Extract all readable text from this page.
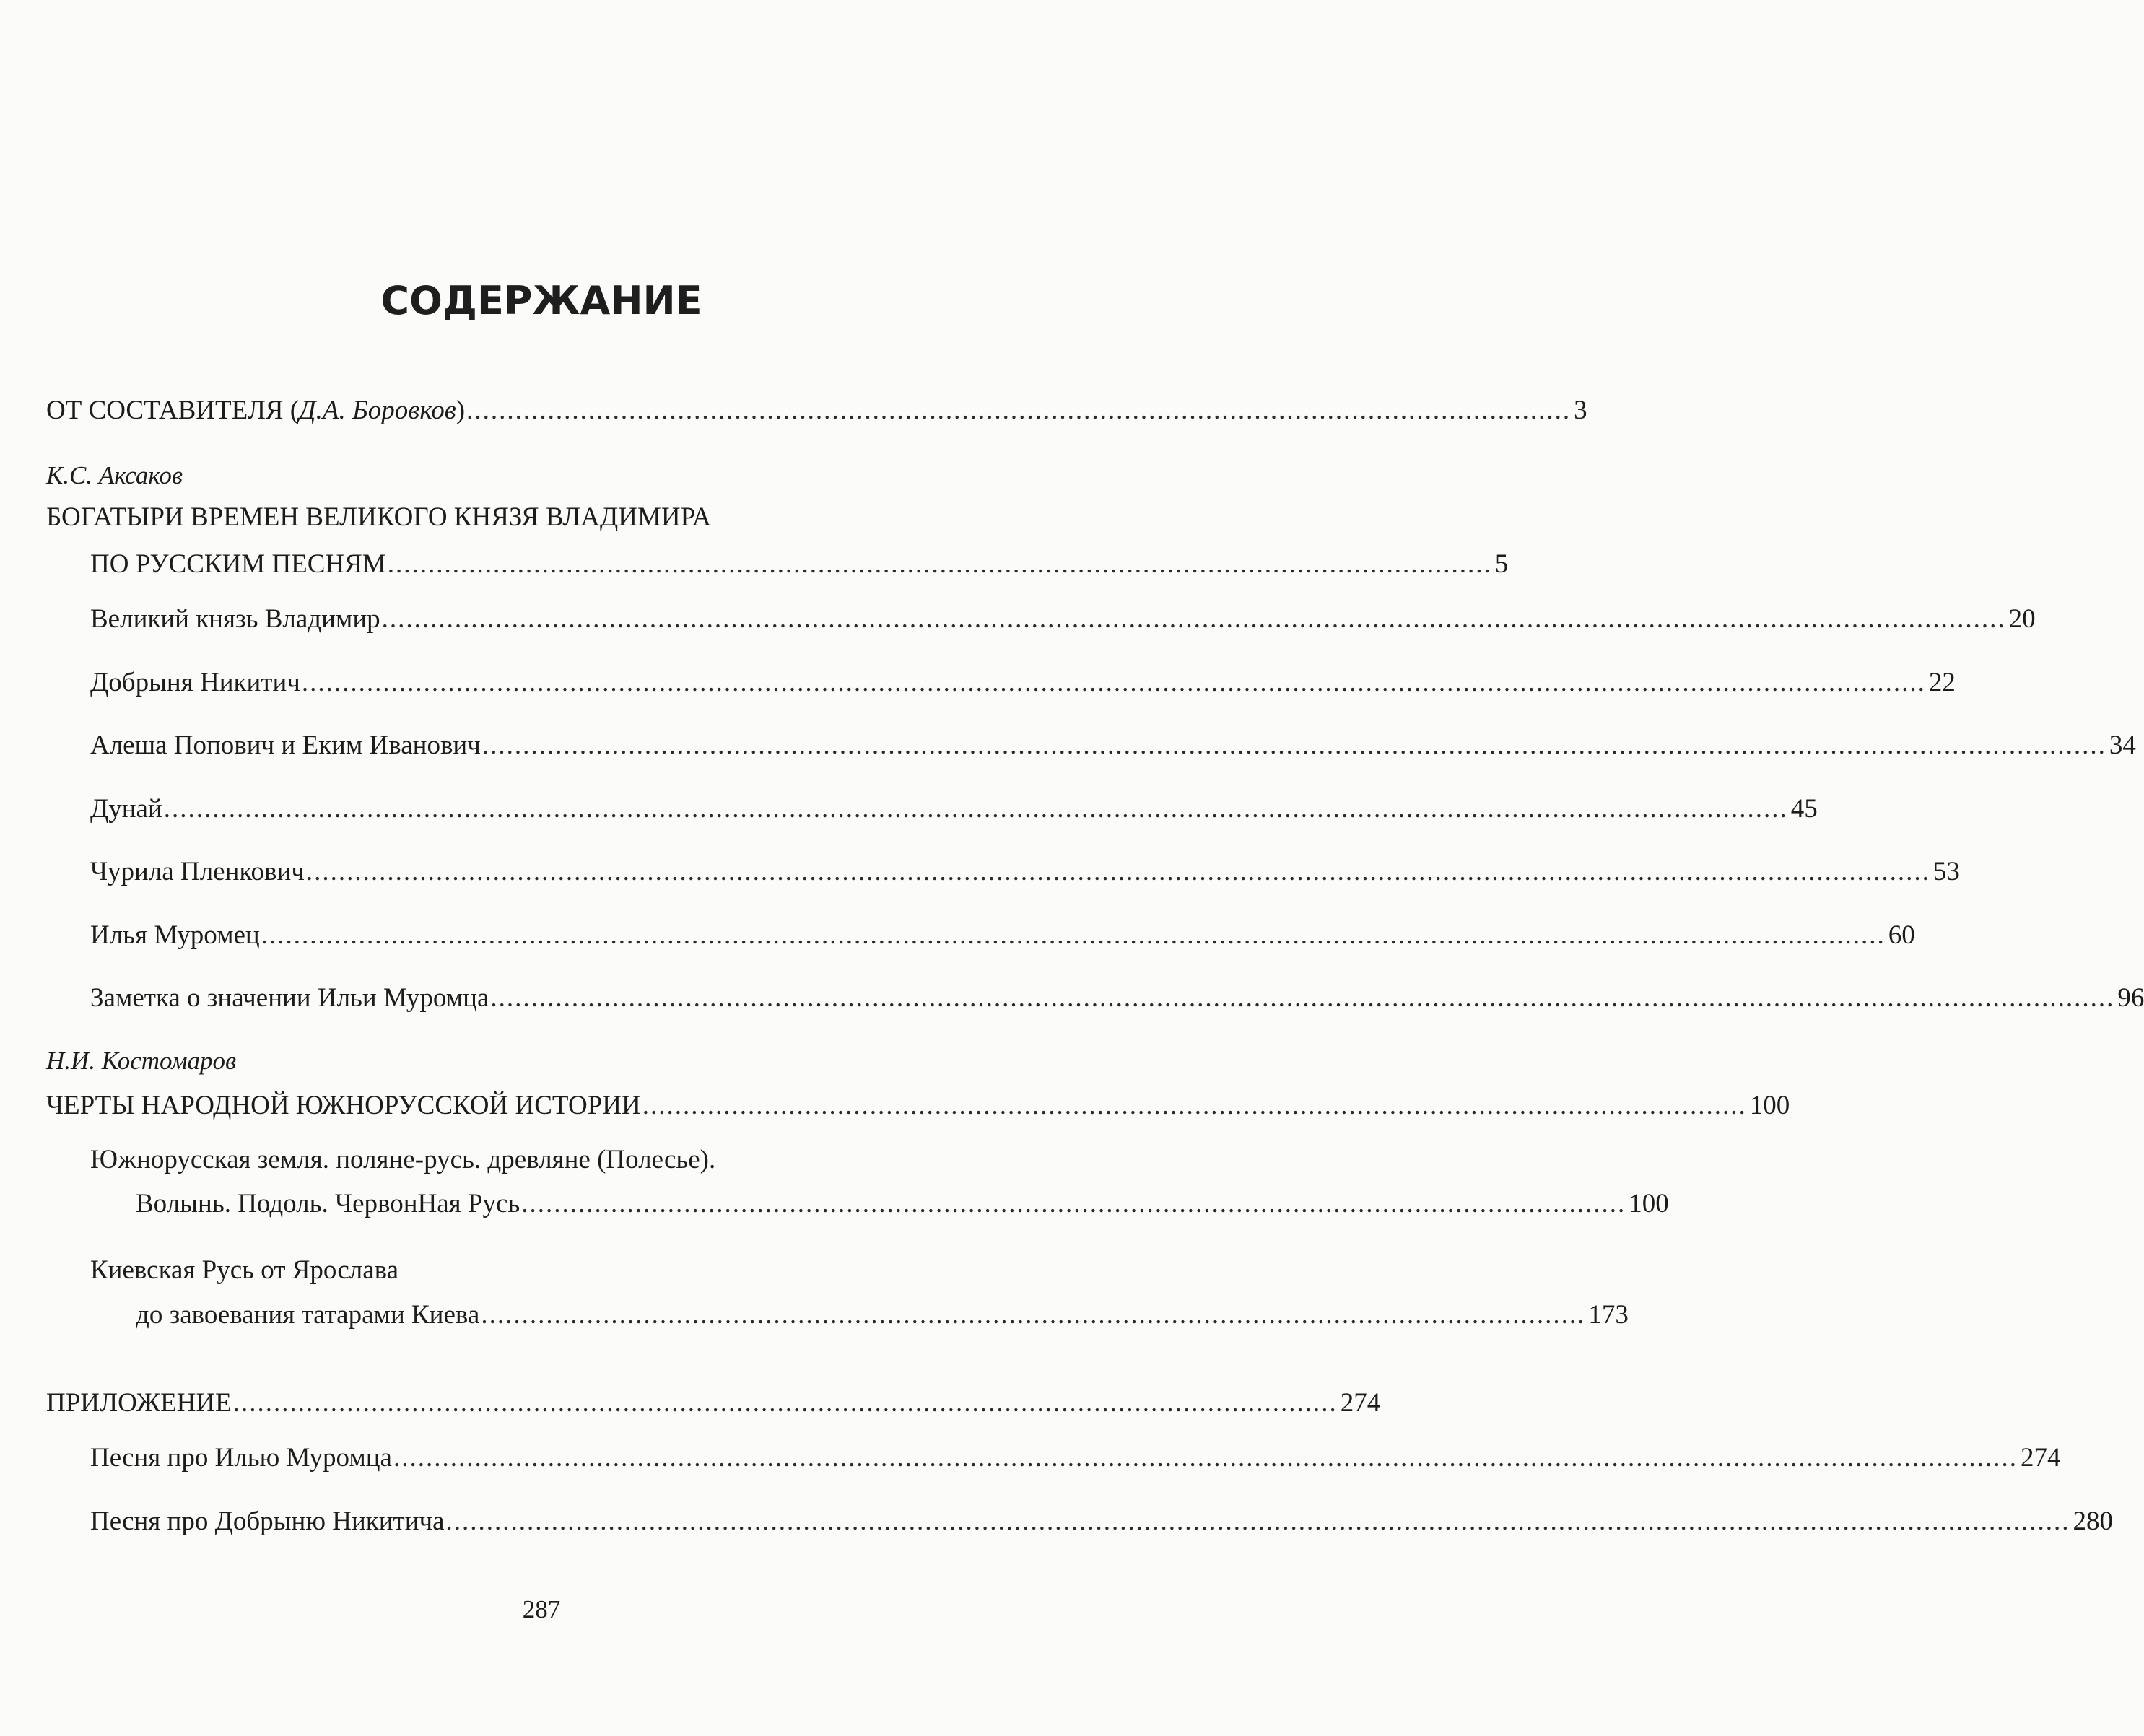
СОДЕРЖАНИЕ
ОТ СОСТАВИТЕЛЯ (Д.А. Боровков) ........................................................................................................................................ 3
К.С. Аксаков
БОГАТЫРИ ВРЕМЕН ВЕЛИКОГО КНЯЗЯ ВЛАДИМИРА
ПО РУССКИМ ПЕСНЯМ ........................................................................................................................................ 5
Великий князь Владимир ........................................................................................................................................................................................................ 20
Добрыня Никитич ........................................................................................................................................................................................................ 22
Алеша Попович и Еким Иванович ........................................................................................................................................................................................................ 34
Дунай ........................................................................................................................................................................................................ 45
Чурила Пленкович ........................................................................................................................................................................................................ 53
Илья Муромец ........................................................................................................................................................................................................ 60
Заметка о значении Ильи Муромца ........................................................................................................................................................................................................ 96
Н.И. Костомаров
ЧЕРТЫ НАРОДНОЙ ЮЖНОРУССКОЙ ИСТОРИИ ........................................................................................................................................ 100
Южнорусская земля. поляне-русь. древляне (Полесье).
Волынь. Подоль. ЧервонНая Русь ........................................................................................................................................ 100
Киевская Русь от Ярослава
до завоевания татарами Киева ........................................................................................................................................ 173
ПРИЛОЖЕНИЕ ........................................................................................................................................ 274
Песня про Илью Муромца ........................................................................................................................................................................................................ 274
Песня про Добрыню Никитича ........................................................................................................................................................................................................ 280
287
